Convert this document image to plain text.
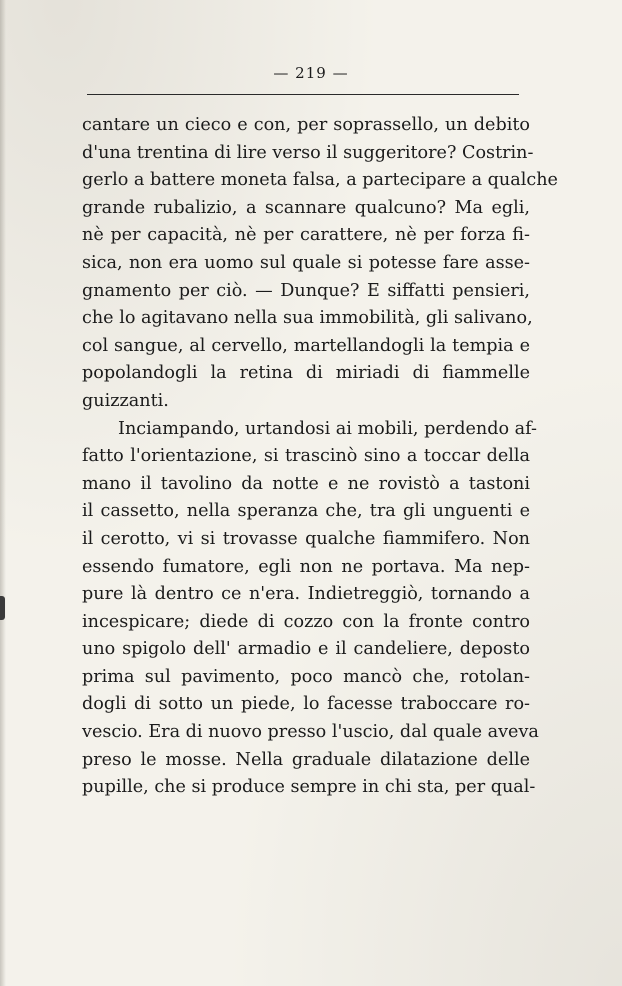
— 219 —
cantare un cieco e con, per soprassello, un debito
d'una trentina di lire verso il suggeritore? Costrin-
gerlo a battere moneta falsa, a partecipare a qualche
grande rubalizio, a scannare qualcuno? Ma egli,
nè per capacità, nè per carattere, nè per forza fi-
sica, non era uomo sul quale si potesse fare asse-
gnamento per ciò. — Dunque? E siffatti pensieri,
che lo agitavano nella sua immobilità, gli salivano,
col sangue, al cervello, martellandogli la tempia e
popolandogli la retina di miriadi di fiammelle
guizzanti.
Inciampando, urtandosi ai mobili, perdendo af-
fatto l'orientazione, si trascinò sino a toccar della
mano il tavolino da notte e ne rovistò a tastoni
il cassetto, nella speranza che, tra gli unguenti e
il cerotto, vi si trovasse qualche fiammifero. Non
essendo fumatore, egli non ne portava. Ma nep-
pure là dentro ce n'era. Indietreggiò, tornando a
incespicare; diede di cozzo con la fronte contro
uno spigolo dell' armadio e il candeliere, deposto
prima sul pavimento, poco mancò che, rotolan-
dogli di sotto un piede, lo facesse traboccare ro-
vescio. Era di nuovo presso l'uscio, dal quale aveva
preso le mosse. Nella graduale dilatazione delle
pupille, che si produce sempre in chi sta, per qual-
